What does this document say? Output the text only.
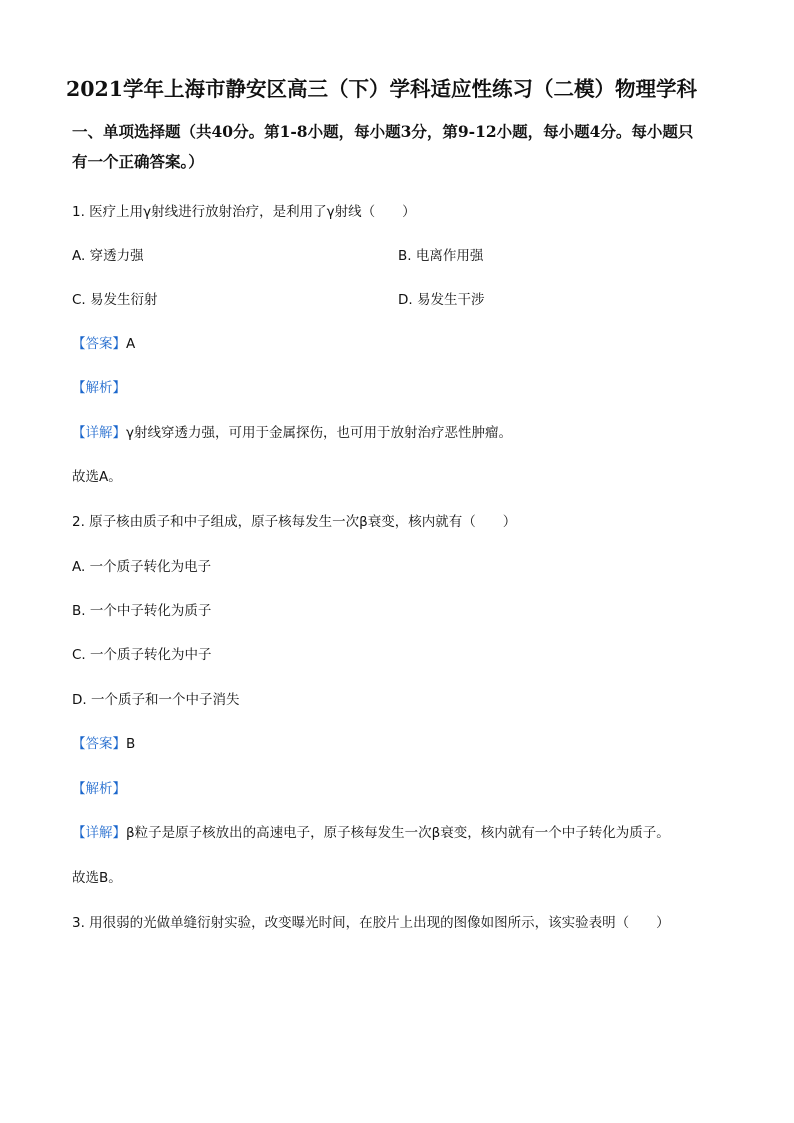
2021学年上海市静安区高三（下）学科适应性练习（二模）物理学科
一、单项选择题（共40分。第1-8小题，每小题3分，第9-12小题，每小题4分。每小题只
有一个正确答案。）
1. 医疗上用γ射线进行放射治疗，是利用了γ射线（　　）
A. 穿透力强	B. 电离作用强
C. 易发生衍射	D. 易发生干涉
【答案】A
【解析】
【详解】γ射线穿透力强，可用于金属探伤，也可用于放射治疗恶性肿瘤。
故选A。
2. 原子核由质子和中子组成，原子核每发生一次β衰变，核内就有（　　）
A. 一个质子转化为电子
B. 一个中子转化为质子
C. 一个质子转化为中子
D. 一个质子和一个中子消失
【答案】B
【解析】
【详解】β粒子是原子核放出的高速电子，原子核每发生一次β衰变，核内就有一个中子转化为质子。
故选B。
3. 用很弱的光做单缝衍射实验，改变曝光时间，在胶片上出现的图像如图所示，该实验表明（　　）
